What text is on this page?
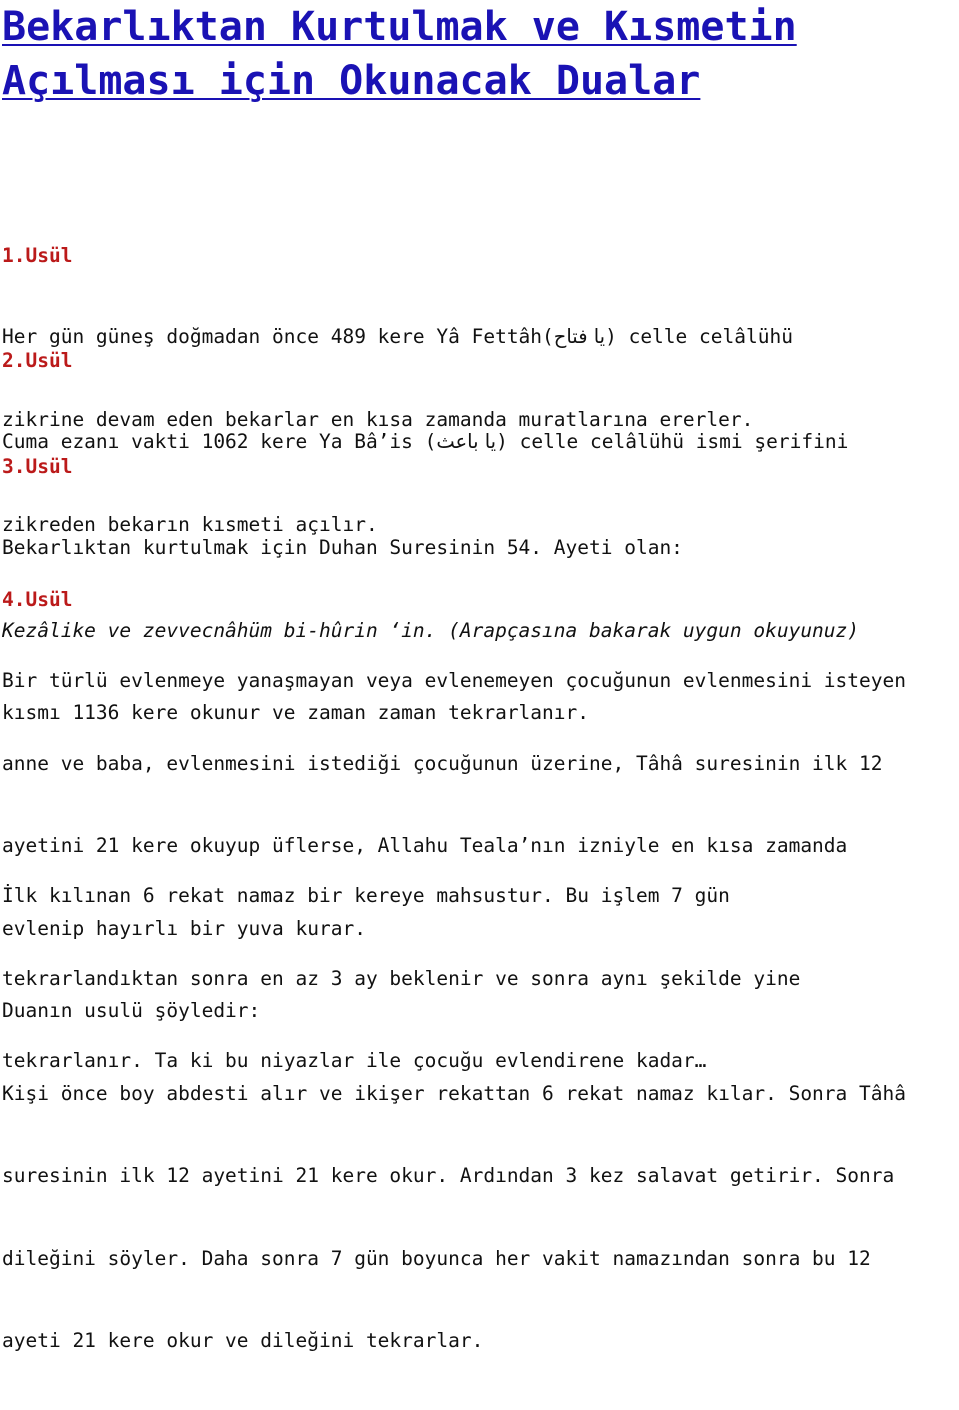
Bekarlıktan Kurtulmak ve Kısmetin
Açılması için Okunacak Dualar

1.Usül

Her gün güneş doğmadan önce 489 kere Yâ Fettâh(يا فتاح) celle celâlühü

zikrine devam eden bekarlar en kısa zamanda muratlarına ererler.

2.Usül

Cuma ezanı vakti 1062 kere Ya Bâ’is (يا باعث) celle celâlühü ismi şerifini

zikreden bekarın kısmeti açılır.

3.Usül

Bekarlıktan kurtulmak için Duhan Suresinin 54. Ayeti olan:

Kezâlike ve zevvecnâhüm bi-hûrin ‘in. (Arapçasına bakarak uygun okuyunuz)

kısmı 1136 kere okunur ve zaman zaman tekrarlanır.

4.Usül

Bir türlü evlenmeye yanaşmayan veya evlenemeyen çocuğunun evlenmesini isteyen

anne ve baba, evlenmesini istediği çocuğunun üzerine, Tâhâ suresinin ilk 12

ayetini 21 kere okuyup üflerse, Allahu Teala’nın izniyle en kısa zamanda

evlenip hayırlı bir yuva kurar.

Duanın usulü şöyledir:

Kişi önce boy abdesti alır ve ikişer rekattan 6 rekat namaz kılar. Sonra Tâhâ

suresinin ilk 12 ayetini 21 kere okur. Ardından 3 kez salavat getirir. Sonra

dileğini söyler. Daha sonra 7 gün boyunca her vakit namazından sonra bu 12

ayeti 21 kere okur ve dileğini tekrarlar.

İlk kılınan 6 rekat namaz bir kereye mahsustur. Bu işlem 7 gün

tekrarlandıktan sonra en az 3 ay beklenir ve sonra aynı şekilde yine

tekrarlanır. Ta ki bu niyazlar ile çocuğu evlendirene kadar…
